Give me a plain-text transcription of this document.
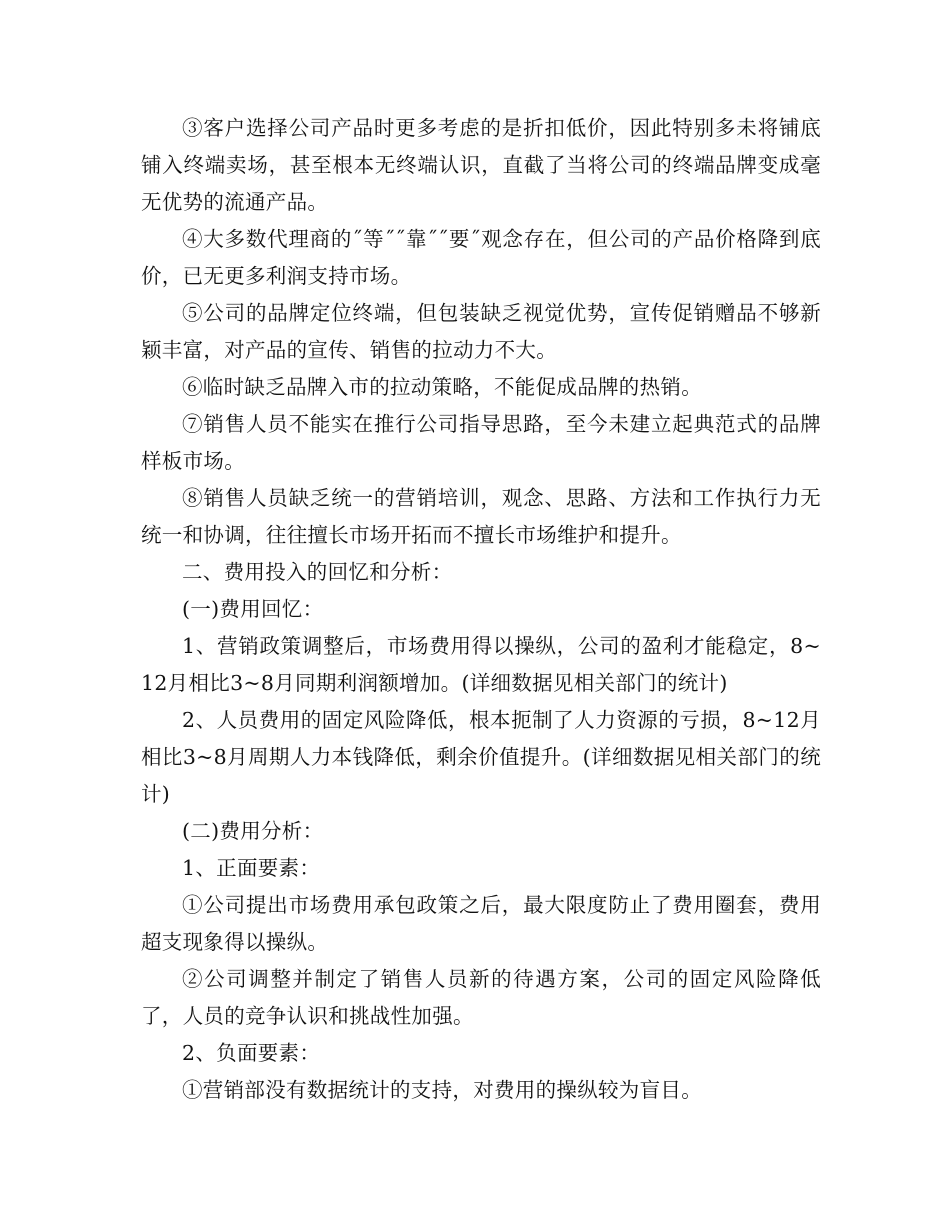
③客户选择公司产品时更多考虑的是折扣低价，因此特别多未将铺底铺入终端卖场，甚至根本无终端认识，直截了当将公司的终端品牌变成毫无优势的流通产品。

④大多数代理商的˝等˝˝靠˝˝要˝观念存在，但公司的产品价格降到底价，已无更多利润支持市场。

⑤公司的品牌定位终端，但包装缺乏视觉优势，宣传促销赠品不够新颖丰富，对产品的宣传、销售的拉动力不大。

⑥临时缺乏品牌入市的拉动策略，不能促成品牌的热销。

⑦销售人员不能实在推行公司指导思路，至今未建立起典范式的品牌样板市场。

⑧销售人员缺乏统一的营销培训，观念、思路、方法和工作执行力无统一和协调，往往擅长市场开拓而不擅长市场维护和提升。

二、费用投入的回忆和分析：

(一)费用回忆：

1、营销政策调整后，市场费用得以操纵，公司的盈利才能稳定，8~12月相比3~8月同期利润额增加。(详细数据见相关部门的统计)

2、人员费用的固定风险降低，根本扼制了人力资源的亏损，8~12月相比3~8月周期人力本钱降低，剩余价值提升。(详细数据见相关部门的统计)

(二)费用分析：

1、正面要素：

①公司提出市场费用承包政策之后，最大限度防止了费用圈套，费用超支现象得以操纵。

②公司调整并制定了销售人员新的待遇方案，公司的固定风险降低了，人员的竞争认识和挑战性加强。

2、负面要素：

①营销部没有数据统计的支持，对费用的操纵较为盲目。
